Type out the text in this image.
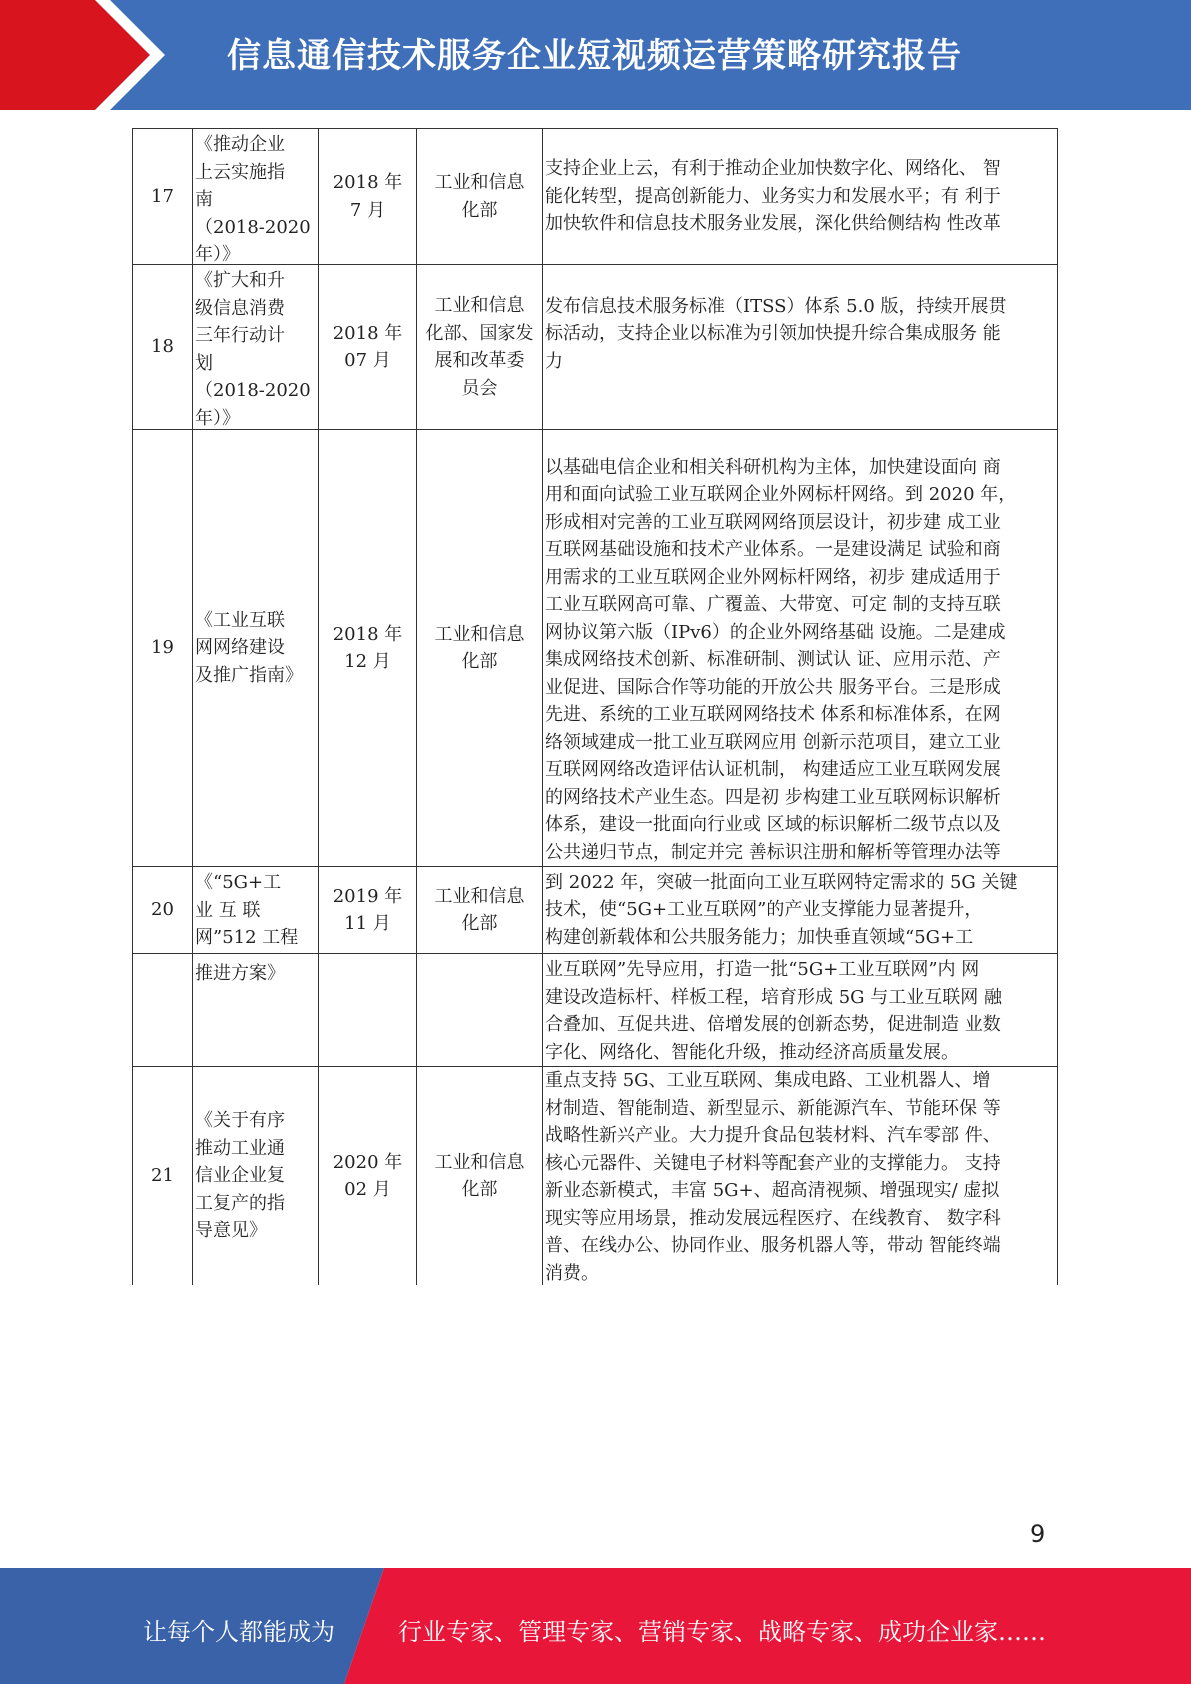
信息通信技术服务企业短视频运营策略研究报告
17
《推动企业
上云实施指
南
（2018-2020
年）》
2018 年
7 月
工业和信息
化部
支持企业上云，有利于推动企业加快数字化、网络化、 智
能化转型，提高创新能力、业务实力和发展水平；有 利于
加快软件和信息技术服务业发展，深化供给侧结构 性改革
18
《扩大和升
级信息消费
三年行动计
划
（2018-2020
年）》
2018 年
07 月
工业和信息
化部、国家发
展和改革委
员会
发布信息技术服务标准（ITSS）体系 5.0 版，持续开展贯
标活动，支持企业以标准为引领加快提升综合集成服务 能
力
19
《工业互联
网网络建设
及推广指南》
2018 年
12 月
工业和信息
化部
以基础电信企业和相关科研机构为主体，加快建设面向 商
用和面向试验工业互联网企业外网标杆网络。到 2020 年，
形成相对完善的工业互联网网络顶层设计，初步建 成工业
互联网基础设施和技术产业体系。一是建设满足 试验和商
用需求的工业互联网企业外网标杆网络，初步 建成适用于
工业互联网高可靠、广覆盖、大带宽、可定 制的支持互联
网协议第六版（IPv6）的企业外网络基础 设施。二是建成
集成网络技术创新、标准研制、测试认 证、应用示范、产
业促进、国际合作等功能的开放公共 服务平台。三是形成
先进、系统的工业互联网网络技术 体系和标准体系，在网
络领域建成一批工业互联网应用 创新示范项目，建立工业
互联网网络改造评估认证机制， 构建适应工业互联网发展
的网络技术产业生态。四是初 步构建工业互联网标识解析
体系，建设一批面向行业或 区域的标识解析二级节点以及
公共递归节点，制定并完 善标识注册和解析等管理办法等
20
《“5G+工
业 互 联
网”512 工程
2019 年
11 月
工业和信息
化部
到 2022 年，突破一批面向工业互联网特定需求的 5G 关键
技术，使“5G+工业互联网”的产业支撑能力显著提升，
构建创新载体和公共服务能力；加快垂直领域“5G+工
推进方案》	业互联网”先导应用，打造一批“5G+工业互联网”内 网
建设改造标杆、样板工程，培育形成 5G 与工业互联网 融
合叠加、互促共进、倍增发展的创新态势，促进制造 业数
字化、网络化、智能化升级，推动经济高质量发展。
21
《关于有序
推动工业通
信业企业复
工复产的指
导意见》
2020 年
02 月
工业和信息
化部
重点支持 5G、工业互联网、集成电路、工业机器人、增
材制造、智能制造、新型显示、新能源汽车、节能环保 等
战略性新兴产业。大力提升食品包装材料、汽车零部 件、
核心元器件、关键电子材料等配套产业的支撑能力。 支持
新业态新模式，丰富 5G+、超高清视频、增强现实/ 虚拟
现实等应用场景，推动发展远程医疗、在线教育、 数字科
普、在线办公、协同作业、服务机器人等，带动 智能终端
消费。
9
让每个人都能成为	行业专家、管理专家、营销专家、战略专家、成功企业家……
